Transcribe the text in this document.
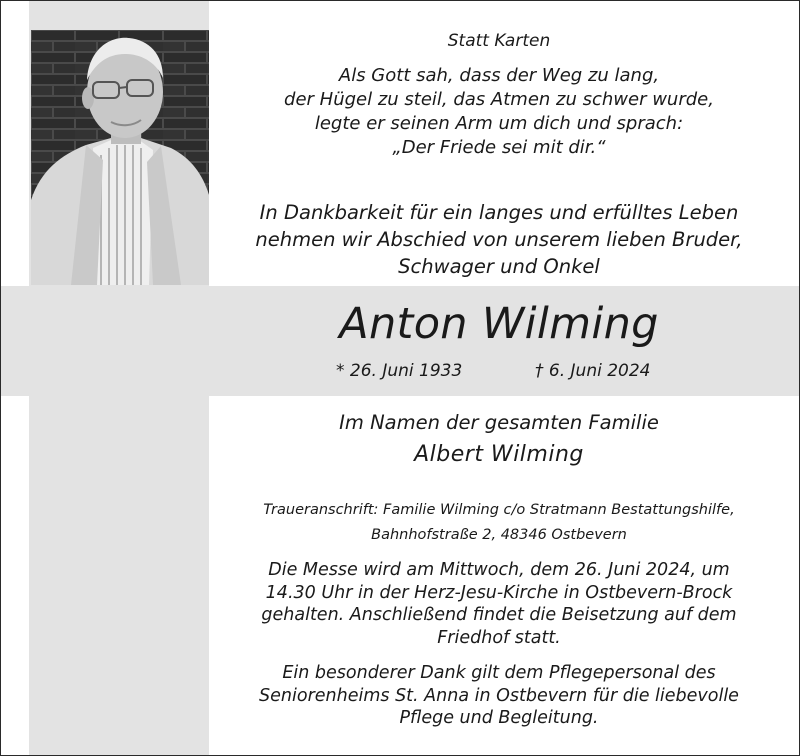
Statt Karten
Als Gott sah, dass der Weg zu lang,
der Hügel zu steil, das Atmen zu schwer wurde,
legte er seinen Arm um dich und sprach:
„Der Friede sei mit dir.“
In Dankbarkeit für ein langes und erfülltes Leben
nehmen wir Abschied von unserem lieben Bruder,
Schwager und Onkel
Anton Wilming
* 26. Juni 1933	† 6. Juni 2024
Im Namen der gesamten Familie
Albert Wilming
Traueranschrift: Familie Wilming c/o Stratmann Bestattungshilfe,
Bahnhofstraße 2, 48346 Ostbevern
Die Messe wird am Mittwoch, dem 26. Juni 2024, um
14.30 Uhr in der Herz-Jesu-Kirche in Ostbevern-Brock
gehalten. Anschließend findet die Beisetzung auf dem
Friedhof statt.
Ein besonderer Dank gilt dem Pflegepersonal des
Seniorenheims St. Anna in Ostbevern für die liebevolle
Pflege und Begleitung.
